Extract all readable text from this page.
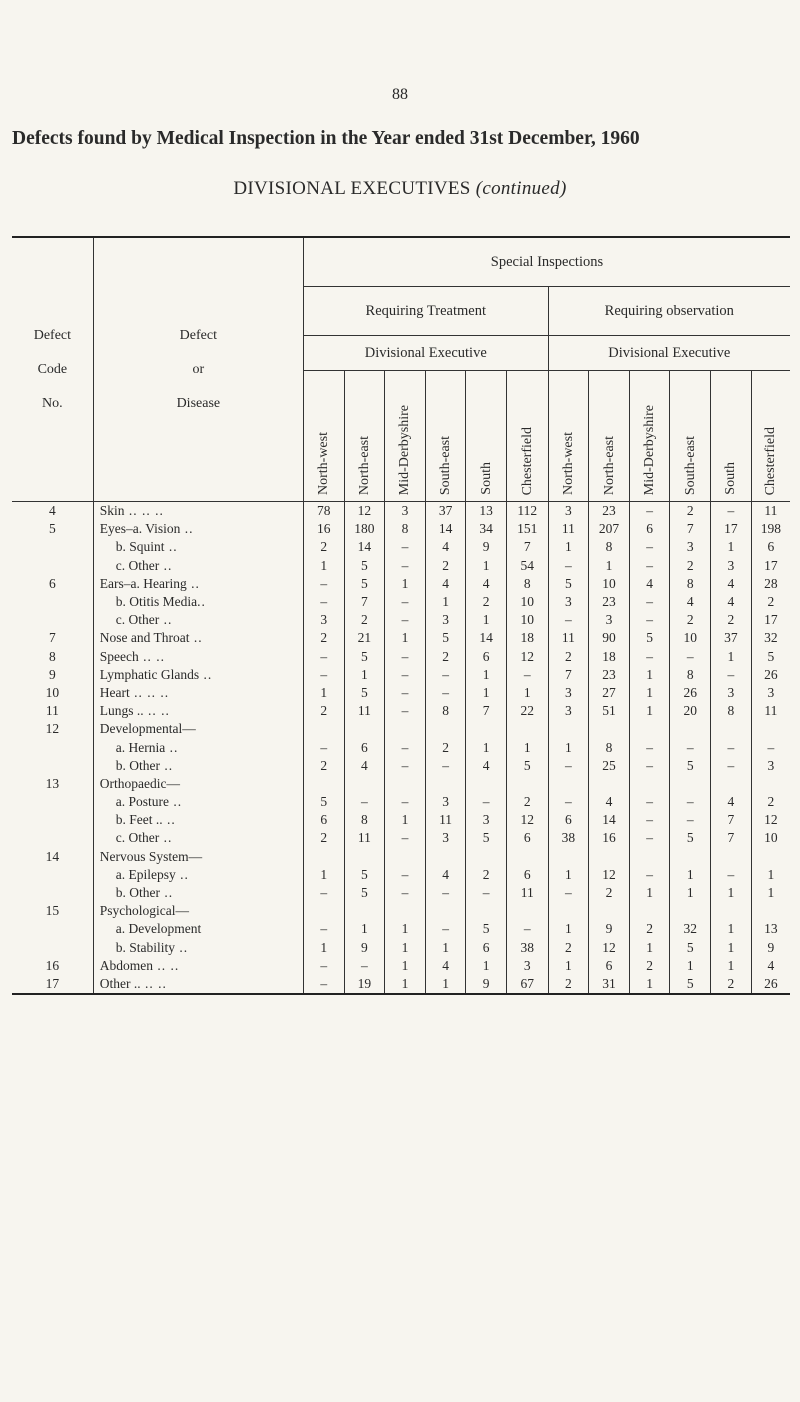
88
Defects found by Medical Inspection in the Year ended 31st December, 1960
DIVISIONAL EXECUTIVES (continued)
Defect
Code
No.	Defect
or
Disease	Special Inspections											
		Requiring Treatment						Requiring observation					
		Divisional Executive						Divisional Executive					

		North-west	North-east	Mid-Derbyshire	South-east	South	Chesterfield	North-west	North-east	Mid-Derbyshire	South-east	South	Chesterfield

4	Skin .. .. ..	78	12	3	37	13	112	3	23	–	2	–	11
5	Eyes–a. Vision ..	16	180	8	14	34	151	11	207	6	7	17	198
	b. Squint ..	2	14	–	4	9	7	1	8	–	3	1	6
	c. Other ..	1	5	–	2	1	54	–	1	–	2	3	17
6	Ears–a. Hearing ..	–	5	1	4	4	8	5	10	4	8	4	28
	b. Otitis Media..	–	7	–	1	2	10	3	23	–	4	4	2
	c. Other ..	3	2	–	3	1	10	–	3	–	2	2	17
7	Nose and Throat ..	2	21	1	5	14	18	11	90	5	10	37	32
8	Speech .. ..	–	5	–	2	6	12	2	18	–	–	1	5
9	Lymphatic Glands ..	–	1	–	–	1	–	7	23	1	8	–	26
10	Heart .. .. ..	1	5	–	–	1	1	3	27	1	26	3	3
11	Lungs .. .. ..	2	11	–	8	7	22	3	51	1	20	8	11
12	Developmental—												
	a. Hernia ..	–	6	–	2	1	1	1	8	–	–	–	–
	b. Other ..	2	4	–	–	4	5	–	25	–	5	–	3
13	Orthopaedic—												
	a. Posture ..	5	–	–	3	–	2	–	4	–	–	4	2
	b. Feet .. ..	6	8	1	11	3	12	6	14	–	–	7	12
	c. Other ..	2	11	–	3	5	6	38	16	–	5	7	10
14	Nervous System—												
	a. Epilepsy ..	1	5	–	4	2	6	1	12	–	1	–	1
	b. Other ..	–	5	–	–	–	11	–	2	1	1	1	1
15	Psychological—												
	a. Development	–	1	1	–	5	–	1	9	2	32	1	13
	b. Stability ..	1	9	1	1	6	38	2	12	1	5	1	9
16	Abdomen .. ..	–	–	1	4	1	3	1	6	2	1	1	4
17	Other .. .. ..	–	19	1	1	9	67	2	31	1	5	2	26
